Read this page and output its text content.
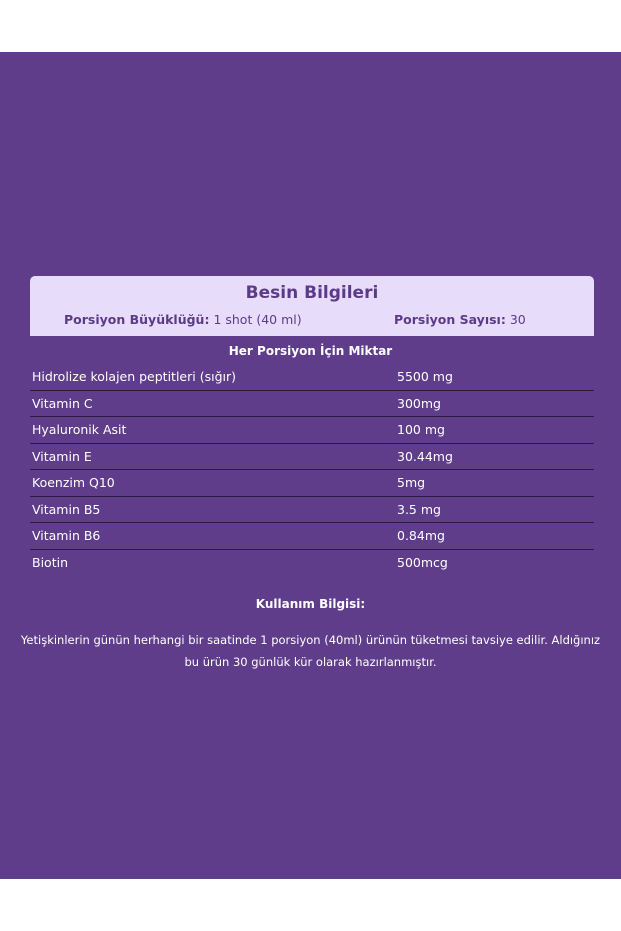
Besin Bilgileri
Porsiyon Büyüklüğü: 1 shot (40 ml)	Porsiyon Sayısı: 30
Her Porsiyon İçin Miktar
Hidrolize kolajen peptitleri (sığır)	5500 mg
Vitamin C	300mg
Hyaluronik Asit	100 mg
Vitamin E	30.44mg
Koenzim Q10	5mg
Vitamin B5	3.5 mg
Vitamin B6	0.84mg
Biotin	500mcg
Kullanım Bilgisi:
Yetişkinlerin günün herhangi bir saatinde 1 porsiyon (40ml) ürünün tüketmesi tavsiye edilir. Aldığınız bu ürün 30 günlük kür olarak hazırlanmıştır.
